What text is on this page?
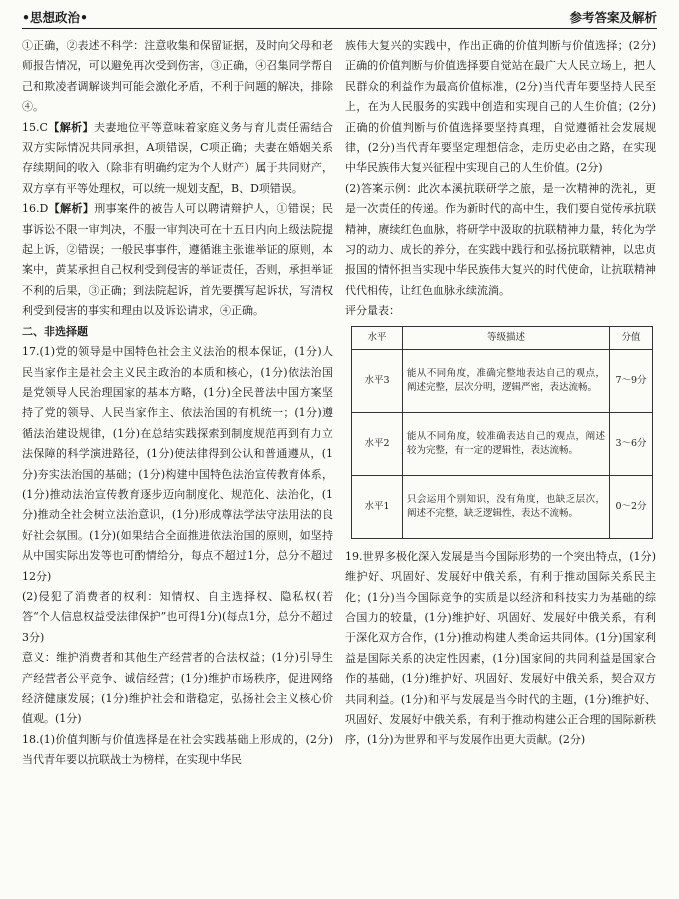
•思想政治•	参考答案及解析

①正确，②表述不科学：注意收集和保留证据，及时向父母和老师报告情况，可以避免再次受到伤害，③正确，④召集同学帮自己和欺凌者调解谈判可能会激化矛盾，不利于问题的解决，排除④。

15.C【解析】夫妻地位平等意味着家庭义务与育儿责任需结合双方实际情况共同承担，A项错误，C项正确；夫妻在婚姻关系存续期间的收入（除非有明确约定为个人财产）属于共同财产，双方享有平等处理权，可以统一规划支配，B、D项错误。

16.D【解析】刑事案件的被告人可以聘请辩护人，①错误；民事诉讼不限一审判决，不服一审判决可在十五日内向上级法院提起上诉，②错误；一般民事事件，遵循谁主张谁举证的原则，本案中，黄某承担自己权利受到侵害的举证责任，否则，承担举证不利的后果，③正确；到法院起诉，首先要撰写起诉状，写清权利受到侵害的事实和理由以及诉讼请求，④正确。

二、非选择题

17.(1)党的领导是中国特色社会主义法治的根本保证，(1分)人民当家作主是社会主义民主政治的本质和核心，(1分)依法治国是党领导人民治理国家的基本方略，(1分)全民普法中国方案坚持了党的领导、人民当家作主、依法治国的有机统一；(1分)遵循法治建设规律，(1分)在总结实践探索到制度规范再到有力立法保障的科学演进路径，(1分)使法律得到公认和普通遵从，(1分)夯实法治国的基础；(1分)构建中国特色法治宣传教育体系，(1分)推动法治宣传教育逐步迈向制度化、规范化、法治化，(1分)推动全社会树立法治意识，(1分)形成尊法学法守法用法的良好社会氛围。(1分)(如果结合全面推进依法治国的原则，如坚持从中国实际出发等也可酌情给分，每点不超过1分，总分不超过12分)

(2)侵犯了消费者的权利：知情权、自主选择权、隐私权(若答“个人信息权益受法律保护”也可得1分)(每点1分，总分不超过3分)

意义：维护消费者和其他生产经营者的合法权益；(1分)引导生产经营者公平竞争、诚信经营；(1分)维护市场秩序，促进网络经济健康发展；(1分)维护社会和谐稳定，弘扬社会主义核心价值观。(1分)

18.(1)价值判断与价值选择是在社会实践基础上形成的，(2分)当代青年要以抗联战士为榜样，在实现中华民

族伟大复兴的实践中，作出正确的价值判断与价值选择；(2分)正确的价值判断与价值选择要自觉站在最广大人民立场上，把人民群众的利益作为最高价值标准，(2分)当代青年要坚持人民至上，在为人民服务的实践中创造和实现自己的人生价值；(2分)正确的价值判断与价值选择要坚持真理，自觉遵循社会发展规律，(2分)当代青年要坚定理想信念，走历史必由之路，在实现中华民族伟大复兴征程中实现自己的人生价值。(2分)

(2)答案示例：此次本溪抗联研学之旅，是一次精神的洗礼，更是一次责任的传递。作为新时代的高中生，我们要自觉传承抗联精神，赓续红色血脉，将研学中汲取的抗联精神力量，转化为学习的动力、成长的养分，在实践中践行和弘扬抗联精神，以忠贞报国的情怀担当实现中华民族伟大复兴的时代使命，让抗联精神代代相传，让红色血脉永续流淌。

评分量表：

水平	等级描述	分值
水平3	能从不同角度，准确完整地表达自己的观点，阐述完整，层次分明，逻辑严密，表达流畅。	7～9分
水平2	能从不同角度，较准确表达自己的观点，阐述较为完整，有一定的逻辑性，表达流畅。	3～6分
水平1	只会运用个别知识，没有角度，也缺乏层次，阐述不完整，缺乏逻辑性，表达不流畅。	0～2分

19.世界多极化深入发展是当今国际形势的一个突出特点，(1分)维护好、巩固好、发展好中俄关系，有利于推动国际关系民主化；(1分)当今国际竞争的实质是以经济和科技实力为基础的综合国力的较量，(1分)维护好、巩固好、发展好中俄关系，有利于深化双方合作，(1分)推动构建人类命运共同体。(1分)国家利益是国际关系的决定性因素，(1分)国家间的共同利益是国家合作的基础，(1分)维护好、巩固好、发展好中俄关系，契合双方共同利益。(1分)和平与发展是当今时代的主题，(1分)维护好、巩固好、发展好中俄关系，有利于推动构建公正合理的国际新秩序，(1分)为世界和平与发展作出更大贡献。(2分)
